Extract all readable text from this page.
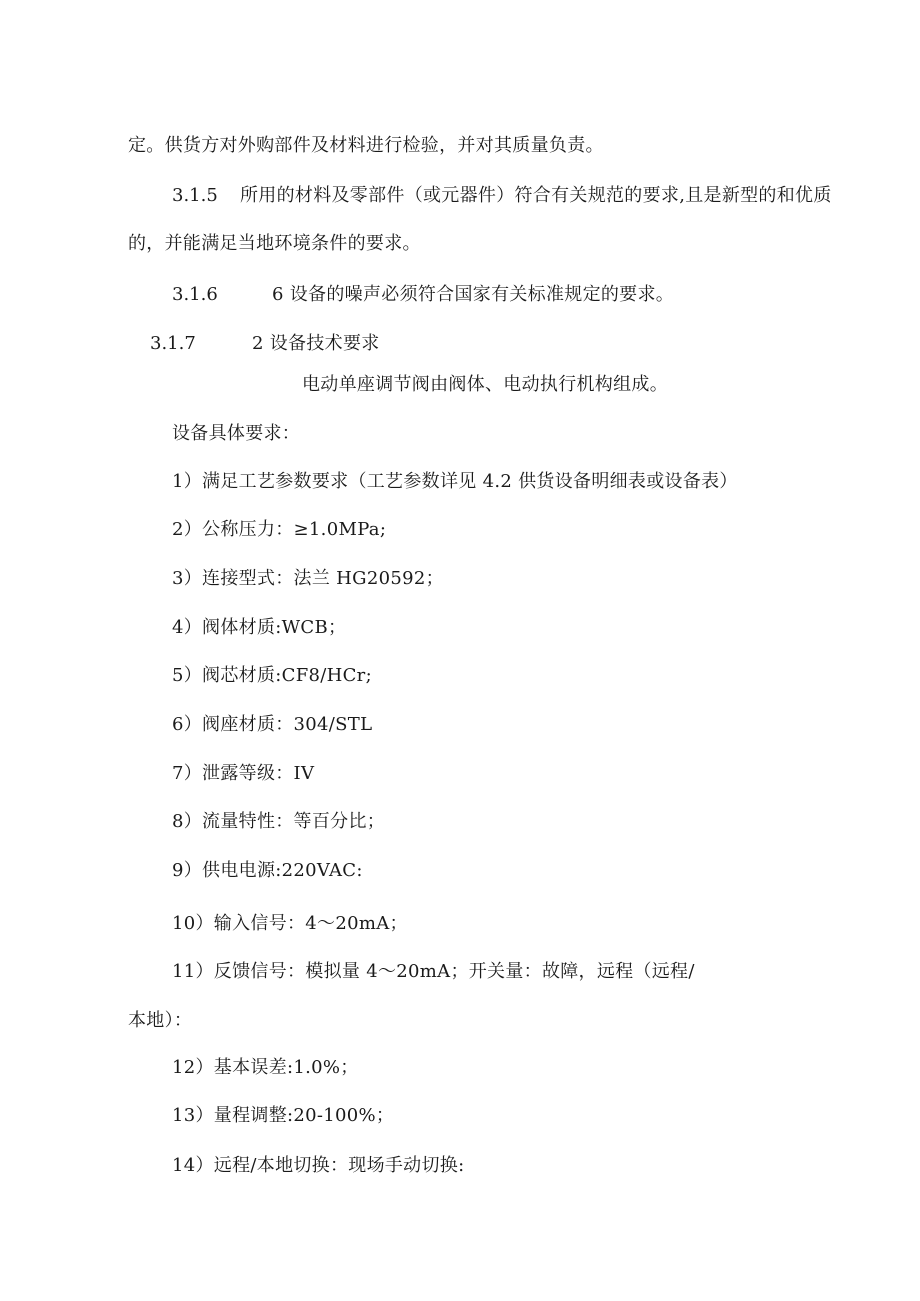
定。供货方对外购部件及材料进行检验，并对其质量负责。
3.1.5 所用的材料及零部件（或元器件）符合有关规范的要求,且是新型的和优质
的，并能满足当地环境条件的要求。
3.1.6	6 设备的噪声必须符合国家有关标准规定的要求。
3.1.7	2 设备技术要求
电动单座调节阀由阀体、电动执行机构组成。
设备具体要求：
1）满足工艺参数要求（工艺参数详见 4.2 供货设备明细表或设备表）
2）公称压力：≥1.0MPa;
3）连接型式：法兰 HG20592；
4）阀体材质:WCB；
5）阀芯材质:CF8/HCr;
6）阀座材质：304/STL
7）泄露等级：IV
8）流量特性：等百分比；
9）供电电源:220VAC:
10）输入信号：4～20mA；
11）反馈信号：模拟量 4～20mA；开关量：故障，远程（远程/
本地）：
12）基本误差:1.0%；
13）量程调整:20-100%；
14）远程/本地切换：现场手动切换:
